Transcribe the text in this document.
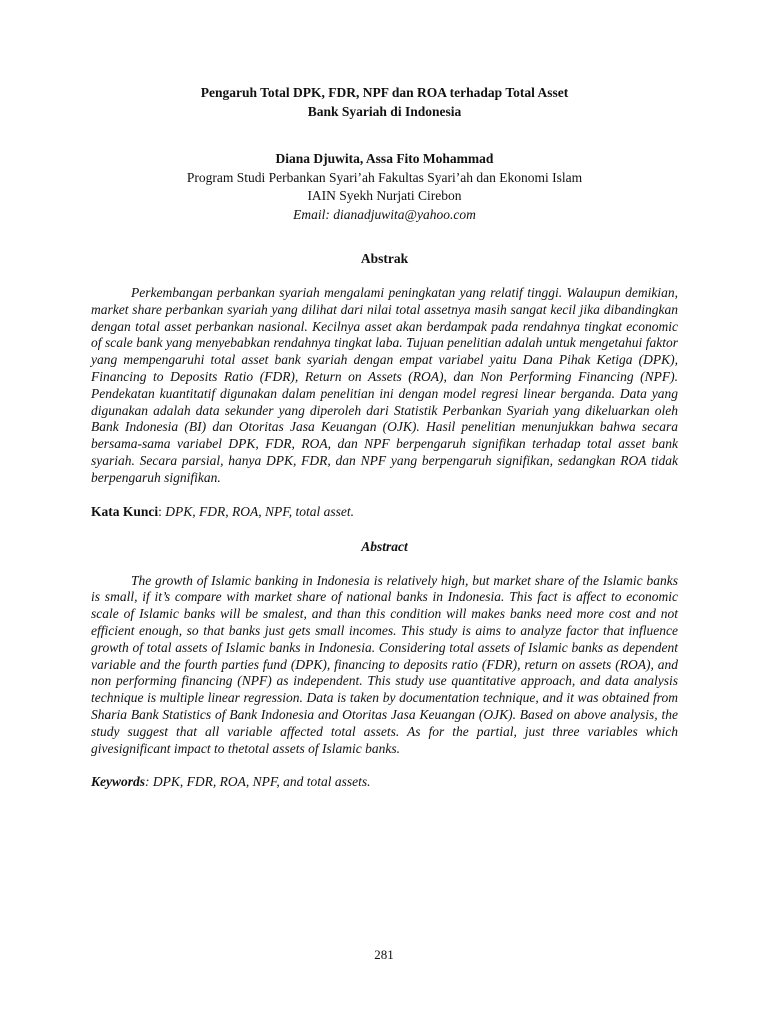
Pengaruh Total DPK, FDR, NPF dan ROA terhadap Total Asset
Bank Syariah di Indonesia
Diana Djuwita, Assa Fito Mohammad
Program Studi Perbankan Syari’ah Fakultas Syari’ah dan Ekonomi Islam
IAIN Syekh Nurjati Cirebon
Email: dianadjuwita@yahoo.com
Abstrak

Perkembangan perbankan syariah mengalami peningkatan yang relatif tinggi. Walaupun demikian, market share perbankan syariah yang dilihat dari nilai total assetnya masih sangat kecil jika dibandingkan dengan total asset perbankan nasional. Kecilnya asset akan berdampak pada rendahnya tingkat economic of scale bank yang menyebabkan rendahnya tingkat laba. Tujuan penelitian adalah untuk mengetahui faktor yang mempengaruhi total asset bank syariah dengan empat variabel yaitu Dana Pihak Ketiga (DPK), Financing to Deposits Ratio (FDR), Return on Assets (ROA), dan Non Performing Financing (NPF). Pendekatan kuantitatif digunakan dalam penelitian ini dengan model regresi linear berganda. Data yang digunakan adalah data sekunder yang diperoleh dari Statistik Perbankan Syariah yang dikeluarkan oleh Bank Indonesia (BI) dan Otoritas Jasa Keuangan (OJK). Hasil penelitian menunjukkan bahwa secara bersama-sama variabel DPK, FDR, ROA, dan NPF berpengaruh signifikan terhadap total asset bank syariah. Secara parsial, hanya DPK, FDR, dan NPF yang berpengaruh signifikan, sedangkan ROA tidak berpengaruh signifikan.

Kata Kunci: DPK, FDR, ROA, NPF, total asset.
Abstract

The growth of Islamic banking in Indonesia is relatively high, but market share of the Islamic banks is small, if it’s compare with market share of national banks in Indonesia. This fact is affect to economic scale of Islamic banks will be smalest, and than this condition will makes banks need more cost and not efficient enough, so that banks just gets small incomes. This study is aims to analyze factor that influence growth of total assets of Islamic banks in Indonesia. Considering total assets of Islamic banks as dependent variable and the fourth parties fund (DPK), financing to deposits ratio (FDR), return on assets (ROA), and non performing financing (NPF) as independent. This study use quantitative approach, and data analysis technique is multiple linear regression. Data is taken by documentation technique, and it was obtained from Sharia Bank Statistics of Bank Indonesia and Otoritas Jasa Keuangan (OJK). Based on above analysis, the study suggest that all variable affected total assets. As for the partial, just three variables which givesignificant impact to thetotal assets of Islamic banks.

Keywords: DPK, FDR, ROA, NPF, and total assets.
281
